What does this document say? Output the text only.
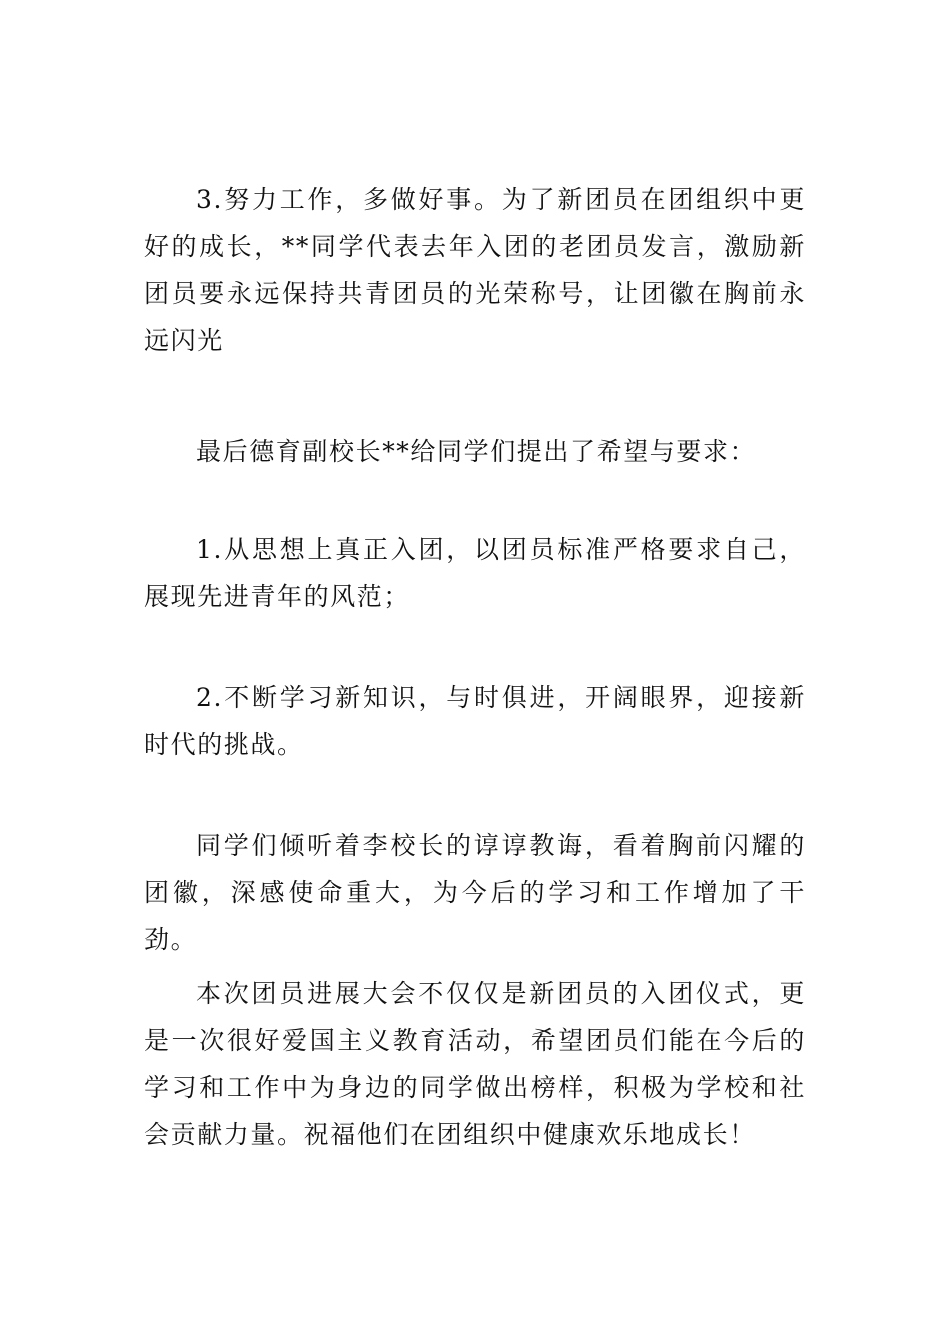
3.努力工作，多做好事。为了新团员在团组织中更好的成长，**同学代表去年入团的老团员发言，激励新团员要永远保持共青团员的光荣称号，让团徽在胸前永远闪光

最后德育副校长**给同学们提出了希望与要求：

1.从思想上真正入团，以团员标准严格要求自己，展现先进青年的风范；

2.不断学习新知识，与时俱进，开阔眼界，迎接新时代的挑战。

同学们倾听着李校长的谆谆教诲，看着胸前闪耀的团徽，深感使命重大，为今后的学习和工作增加了干劲。

本次团员进展大会不仅仅是新团员的入团仪式，更是一次很好爱国主义教育活动，希望团员们能在今后的学习和工作中为身边的同学做出榜样，积极为学校和社会贡献力量。祝福他们在团组织中健康欢乐地成长！
